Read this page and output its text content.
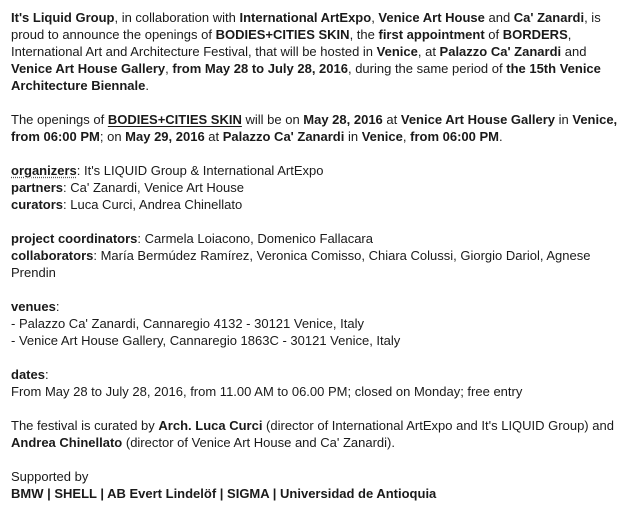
It's Liquid Group, in collaboration with International ArtExpo, Venice Art House and Ca' Zanardi, is proud to announce the openings of BODIES+CITIES SKIN, the first appointment of BORDERS, International Art and Architecture Festival, that will be hosted in Venice, at Palazzo Ca' Zanardi and Venice Art House Gallery, from May 28 to July 28, 2016, during the same period of the 15th Venice Architecture Biennale.

The openings of BODIES+CITIES SKIN will be on May 28, 2016 at Venice Art House Gallery in Venice, from 06:00 PM; on May 29, 2016 at Palazzo Ca' Zanardi in Venice, from 06:00 PM.

organizers: It's LIQUID Group & International ArtExpo

partners: Ca' Zanardi, Venice Art House

curators: Luca Curci, Andrea Chinellato

project coordinators: Carmela Loiacono, Domenico Fallacara

collaborators: María Bermúdez Ramírez, Veronica Comisso, Chiara Colussi, Giorgio Dariol, Agnese Prendin

venues:

- Palazzo Ca' Zanardi, Cannaregio 4132 - 30121 Venice, Italy

- Venice Art House Gallery, Cannaregio 1863C - 30121 Venice, Italy

dates:

From May 28 to July 28, 2016, from 11.00 AM to 06.00 PM; closed on Monday; free entry

The festival is curated by Arch. Luca Curci (director of International ArtExpo and It's LIQUID Group) and Andrea Chinellato (director of Venice Art House and Ca' Zanardi).

Supported by

BMW | SHELL | AB Evert Lindelöf | SIGMA | Universidad de Antioquia
